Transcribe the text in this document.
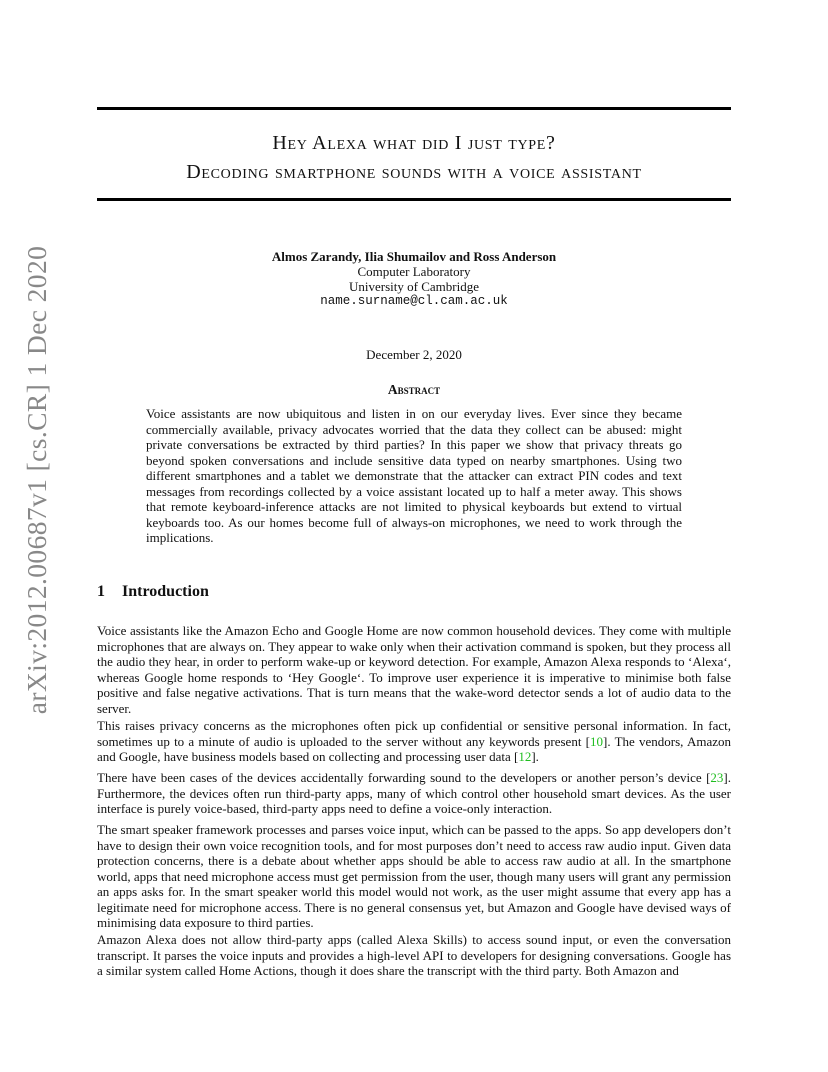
arXiv:2012.00687v1 [cs.CR] 1 Dec 2020
Hey Alexa what did I just type?
Decoding smartphone sounds with a voice assistant
Almos Zarandy, Ilia Shumailov and Ross Anderson
Computer Laboratory
University of Cambridge
name.surname@cl.cam.ac.uk
December 2, 2020
Abstract
Voice assistants are now ubiquitous and listen in on our everyday lives. Ever since they became commercially available, privacy advocates worried that the data they collect can be abused: might private conversations be extracted by third parties? In this paper we show that privacy threats go beyond spoken conversations and include sensitive data typed on nearby smartphones. Using two different smartphones and a tablet we demonstrate that the attacker can extract PIN codes and text messages from recordings collected by a voice assistant located up to half a meter away. This shows that remote keyboard-inference attacks are not limited to physical keyboards but extend to virtual keyboards too. As our homes become full of always-on microphones, we need to work through the implications.
1 Introduction

Voice assistants like the Amazon Echo and Google Home are now common household devices. They come with multiple microphones that are always on. They appear to wake only when their activation command is spoken, but they process all the audio they hear, in order to perform wake-up or keyword detection. For example, Amazon Alexa responds to ‘Alexa‘, whereas Google home responds to ‘Hey Google‘. To improve user experience it is imperative to minimise both false positive and false negative activations. That is turn means that the wake-word detector sends a lot of audio data to the server.

This raises privacy concerns as the microphones often pick up confidential or sensitive personal information. In fact, sometimes up to a minute of audio is uploaded to the server without any keywords present [10]. The vendors, Amazon and Google, have business models based on collecting and processing user data [12].

There have been cases of the devices accidentally forwarding sound to the developers or another person’s device [23]. Furthermore, the devices often run third-party apps, many of which control other household smart devices. As the user interface is purely voice-based, third-party apps need to define a voice-only interaction.

The smart speaker framework processes and parses voice input, which can be passed to the apps. So app developers don’t have to design their own voice recognition tools, and for most purposes don’t need to access raw audio input. Given data protection concerns, there is a debate about whether apps should be able to access raw audio at all. In the smartphone world, apps that need microphone access must get permission from the user, though many users will grant any permission an apps asks for. In the smart speaker world this model would not work, as the user might assume that every app has a legitimate need for microphone access. There is no general consensus yet, but Amazon and Google have devised ways of minimising data exposure to third parties.

Amazon Alexa does not allow third-party apps (called Alexa Skills) to access sound input, or even the conversation transcript. It parses the voice inputs and provides a high-level API to developers for designing conversations. Google has a similar system called Home Actions, though it does share the transcript with the third party. Both Amazon and
